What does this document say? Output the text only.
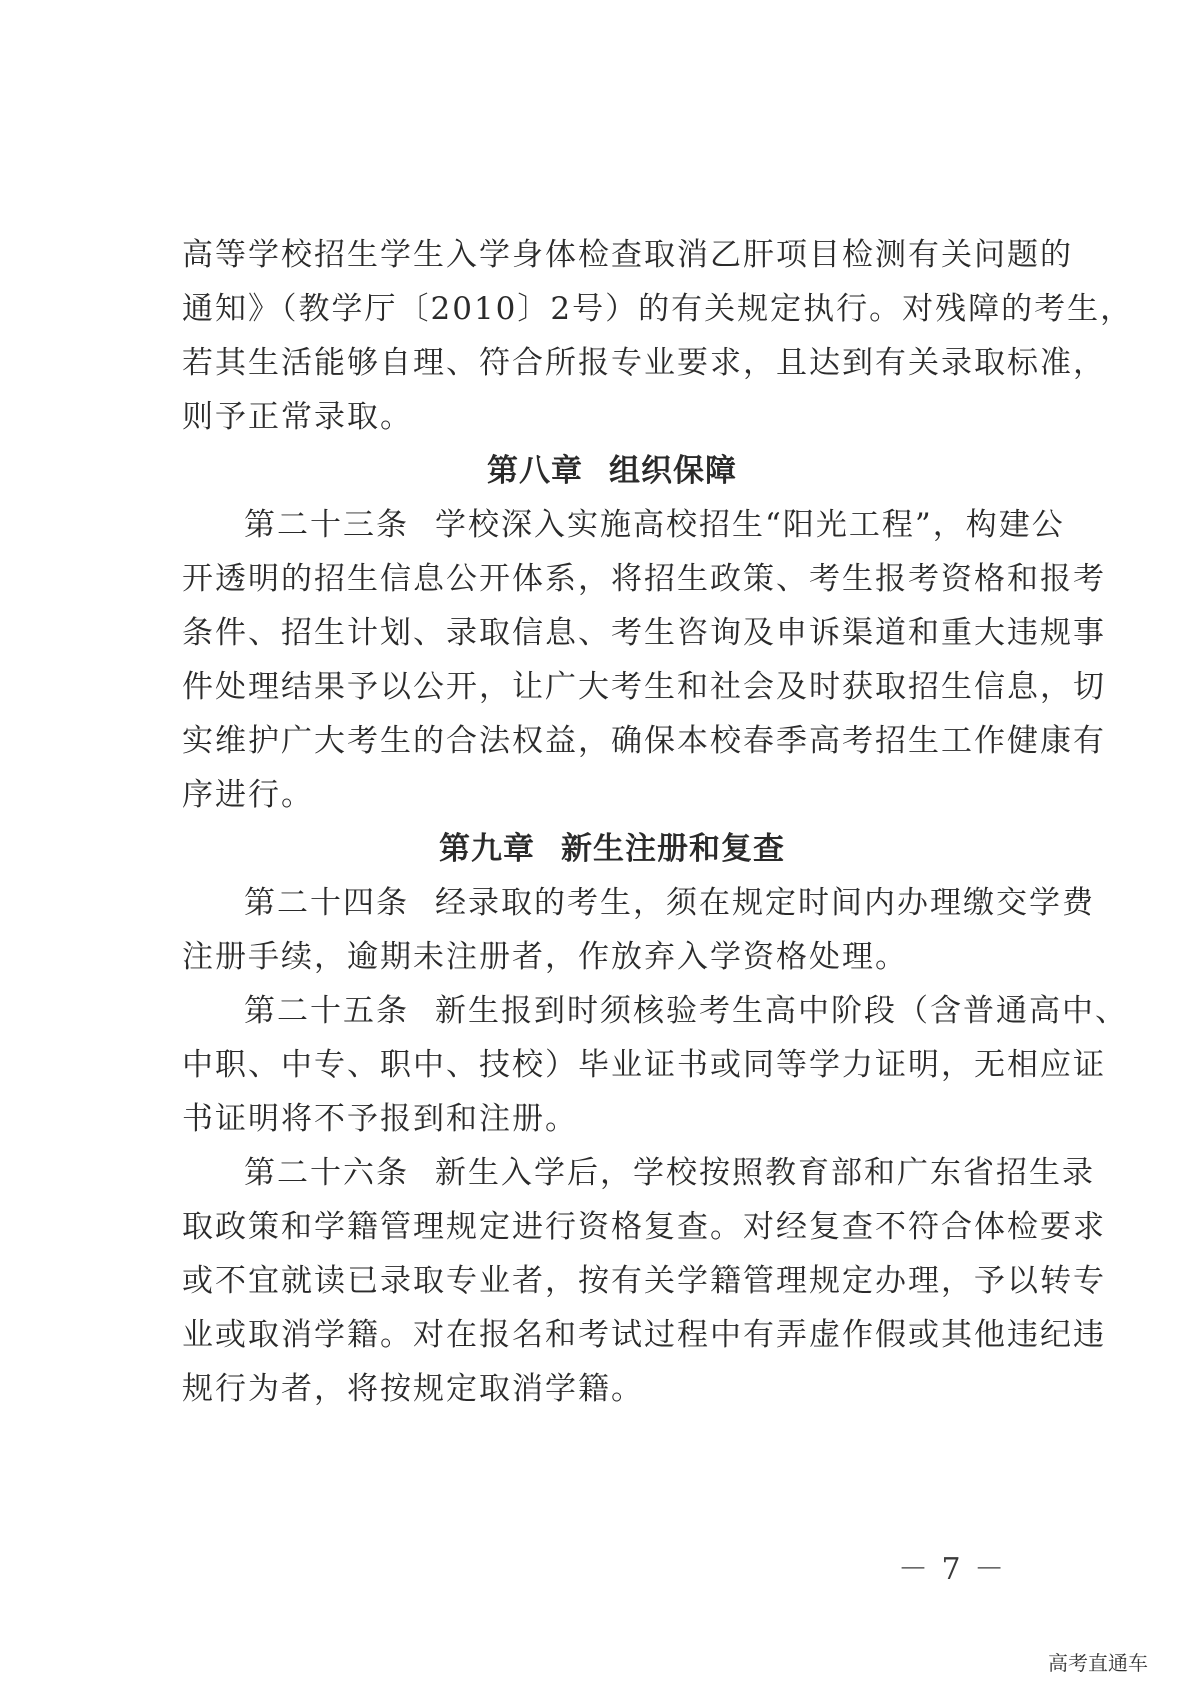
高等学校招生学生入学身体检查取消乙肝项目检测有关问题的
通知》（教学厅〔2010〕2号）的有关规定执行。对残障的考生，
若其生活能够自理、符合所报专业要求，且达到有关录取标准，
则予正常录取。
第八章 组织保障
第二十三条 学校深入实施高校招生“阳光工程”，构建公
开透明的招生信息公开体系，将招生政策、考生报考资格和报考
条件、招生计划、录取信息、考生咨询及申诉渠道和重大违规事
件处理结果予以公开，让广大考生和社会及时获取招生信息，切
实维护广大考生的合法权益，确保本校春季高考招生工作健康有
序进行。
第九章 新生注册和复查
第二十四条 经录取的考生，须在规定时间内办理缴交学费
注册手续，逾期未注册者，作放弃入学资格处理。
第二十五条 新生报到时须核验考生高中阶段（含普通高中、
中职、中专、职中、技校）毕业证书或同等学力证明，无相应证
书证明将不予报到和注册。
第二十六条 新生入学后，学校按照教育部和广东省招生录
取政策和学籍管理规定进行资格复查。对经复查不符合体检要求
或不宜就读已录取专业者，按有关学籍管理规定办理，予以转专
业或取消学籍。对在报名和考试过程中有弄虚作假或其他违纪违
规行为者，将按规定取消学籍。
－ 7 －
高考直通车
